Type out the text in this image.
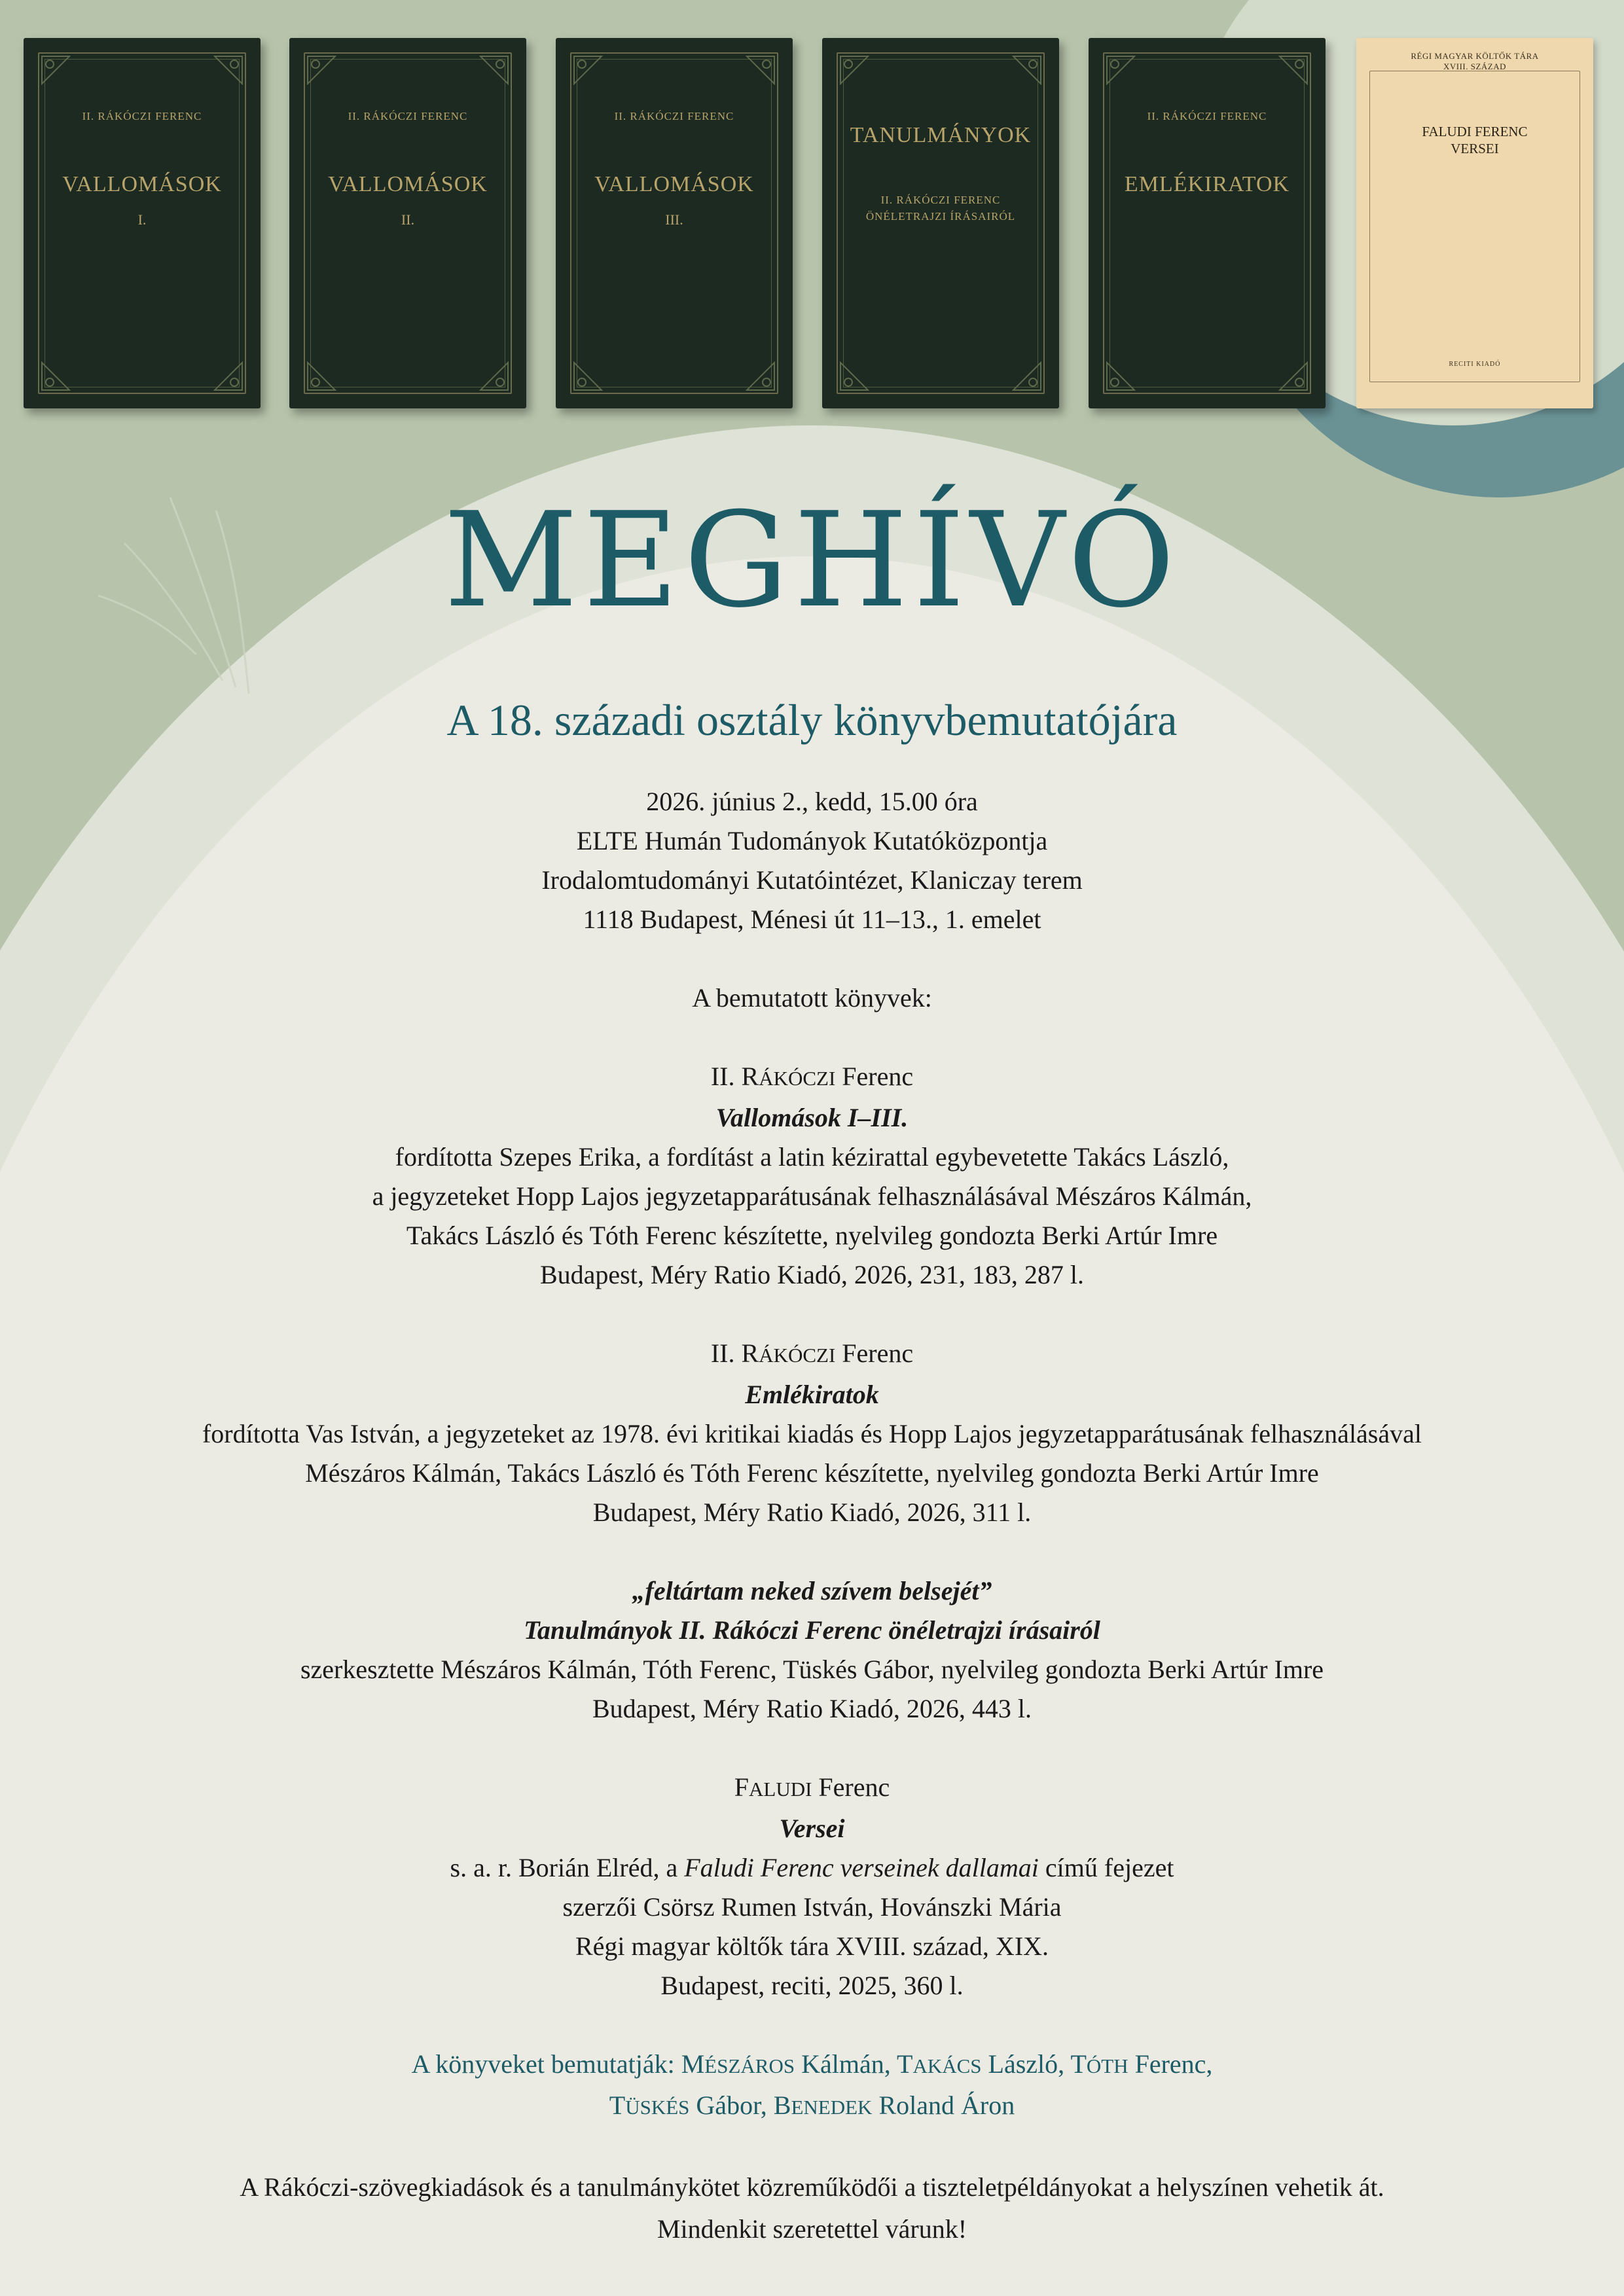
II. RÁKÓCZI FERENC
VALLOMÁSOK
I.
II. RÁKÓCZI FERENC
VALLOMÁSOK
II.
II. RÁKÓCZI FERENC
VALLOMÁSOK
III.
TANULMÁNYOK
II. RÁKÓCZI FERENC ÖNÉLETRAJZI ÍRÁSAIRÓL
II. RÁKÓCZI FERENC
EMLÉKIRATOK
RÉGI MAGYAR KÖLTŐK TÁRA
XVIII. SZÁZAD
FALUDI FERENC
VERSEI
RECITI KIADÓ
MEGHÍVÓ
A 18. századi osztály könyvbemutatójára

2026. június 2., kedd, 15.00 óra

ELTE Humán Tudományok Kutatóközpontja

Irodalomtudományi Kutatóintézet, Klaniczay terem

1118 Budapest, Ménesi út 11–13., 1. emelet

A bemutatott könyvek:

II. RÁKÓCZI Ferenc

Vallomások I–III.

fordította Szepes Erika, a fordítást a latin kézirattal egybevetette Takács László,

a jegyzeteket Hopp Lajos jegyzetapparátusának felhasználásával Mészáros Kálmán,

Takács László és Tóth Ferenc készítette, nyelvileg gondozta Berki Artúr Imre

Budapest, Méry Ratio Kiadó, 2026, 231, 183, 287 l.

II. RÁKÓCZI Ferenc

Emlékiratok

fordította Vas István, a jegyzeteket az 1978. évi kritikai kiadás és Hopp Lajos jegyzetapparátusának felhasználásával

Mészáros Kálmán, Takács László és Tóth Ferenc készítette, nyelvileg gondozta Berki Artúr Imre

Budapest, Méry Ratio Kiadó, 2026, 311 l.

„feltártam neked szívem belsejét”

Tanulmányok II. Rákóczi Ferenc önéletrajzi írásairól

szerkesztette Mészáros Kálmán, Tóth Ferenc, Tüskés Gábor, nyelvileg gondozta Berki Artúr Imre

Budapest, Méry Ratio Kiadó, 2026, 443 l.

FALUDI Ferenc

Versei

s. a. r. Borián Elréd, a Faludi Ferenc verseinek dallamai című fejezet

szerzői Csörsz Rumen István, Hovánszki Mária

Régi magyar költők tára XVIII. század, XIX.

Budapest, reciti, 2025, 360 l.

A könyveket bemutatják: MÉSZÁROS Kálmán, TAKÁCS László, TÓTH Ferenc,

TÜSKÉS Gábor, BENEDEK Roland Áron

A Rákóczi-szövegkiadások és a tanulmánykötet közreműködői a tiszteletpéldányokat a helyszínen vehetik át.

Mindenkit szeretettel várunk!
